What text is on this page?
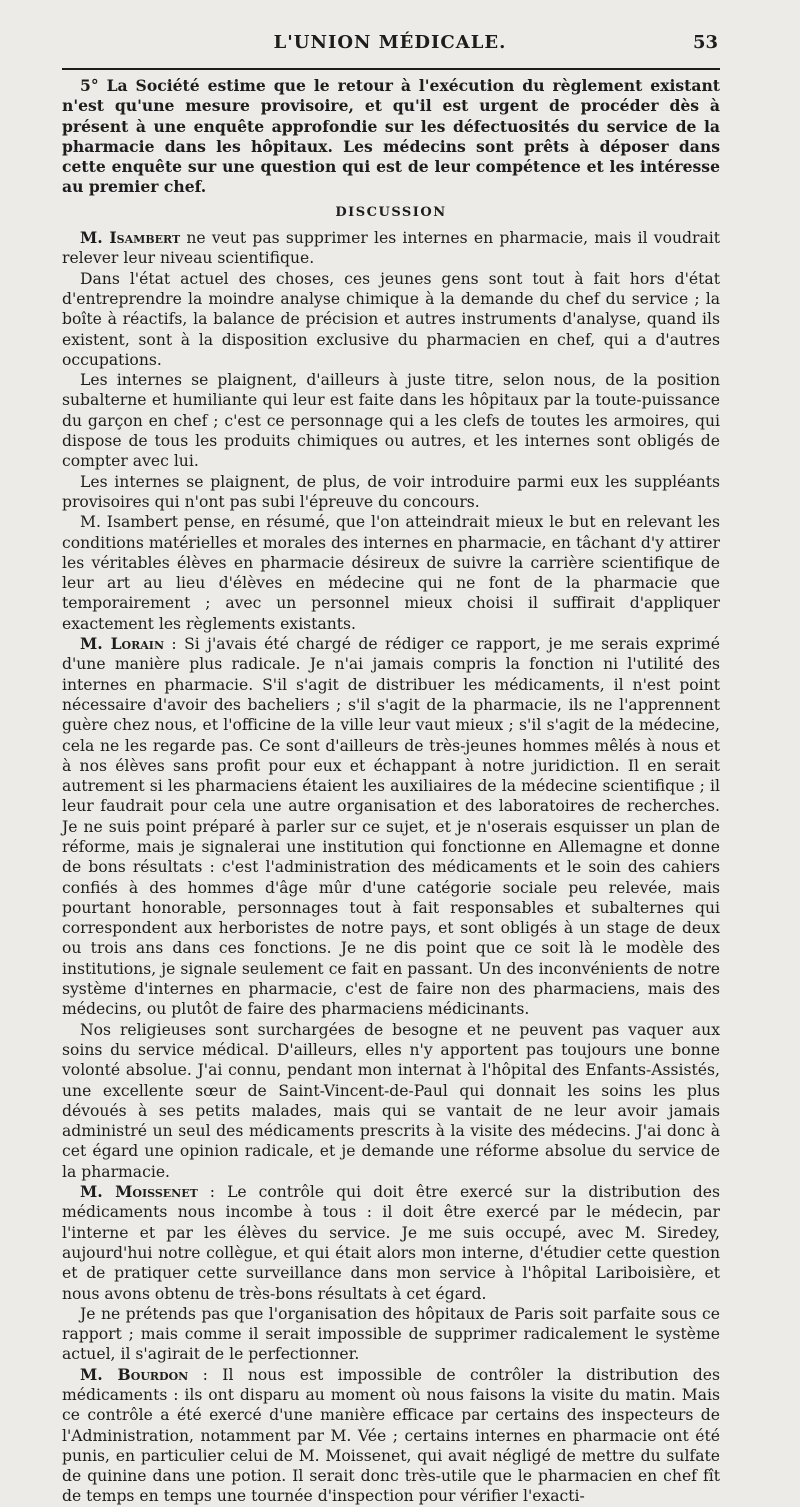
L'UNION MÉDICALE.	53

5° La Société estime que le retour à l'exécution du règlement existant n'est qu'une mesure provisoire, et qu'il est urgent de procéder dès à présent à une enquête approfondie sur les défectuosités du service de la pharmacie dans les hôpitaux. Les médecins sont prêts à déposer dans cette enquête sur une question qui est de leur compétence et les intéresse au premier chef.

DISCUSSION

M. Isambert ne veut pas supprimer les internes en pharmacie, mais il voudrait relever leur niveau scientifique.

Dans l'état actuel des choses, ces jeunes gens sont tout à fait hors d'état d'entreprendre la moindre analyse chimique à la demande du chef du service ; la boîte à réactifs, la balance de précision et autres instruments d'analyse, quand ils existent, sont à la disposition exclusive du pharmacien en chef, qui a d'autres occupations.

Les internes se plaignent, d'ailleurs à juste titre, selon nous, de la position subalterne et humiliante qui leur est faite dans les hôpitaux par la toute-puissance du garçon en chef ; c'est ce personnage qui a les clefs de toutes les armoires, qui dispose de tous les produits chimiques ou autres, et les internes sont obligés de compter avec lui.

Les internes se plaignent, de plus, de voir introduire parmi eux les suppléants provisoires qui n'ont pas subi l'épreuve du concours.

M. Isambert pense, en résumé, que l'on atteindrait mieux le but en relevant les conditions matérielles et morales des internes en pharmacie, en tâchant d'y attirer les véritables élèves en pharmacie désireux de suivre la carrière scientifique de leur art au lieu d'élèves en médecine qui ne font de la pharmacie que temporairement ; avec un personnel mieux choisi il suffirait d'appliquer exactement les règlements existants.

M. Lorain : Si j'avais été chargé de rédiger ce rapport, je me serais exprimé d'une manière plus radicale. Je n'ai jamais compris la fonction ni l'utilité des internes en pharmacie. S'il s'agit de distribuer les médicaments, il n'est point nécessaire d'avoir des bacheliers ; s'il s'agit de la pharmacie, ils ne l'apprennent guère chez nous, et l'officine de la ville leur vaut mieux ; s'il s'agit de la médecine, cela ne les regarde pas. Ce sont d'ailleurs de très-jeunes hommes mêlés à nous et à nos élèves sans profit pour eux et échappant à notre juridiction. Il en serait autrement si les pharmaciens étaient les auxiliaires de la médecine scientifique ; il leur faudrait pour cela une autre organisation et des laboratoires de recherches. Je ne suis point préparé à parler sur ce sujet, et je n'oserais esquisser un plan de réforme, mais je signalerai une institution qui fonctionne en Allemagne et donne de bons résultats : c'est l'administration des médicaments et le soin des cahiers confiés à des hommes d'âge mûr d'une catégorie sociale peu relevée, mais pourtant honorable, personnages tout à fait responsables et subalternes qui correspondent aux herboristes de notre pays, et sont obligés à un stage de deux ou trois ans dans ces fonctions. Je ne dis point que ce soit là le modèle des institutions, je signale seulement ce fait en passant. Un des inconvénients de notre système d'internes en pharmacie, c'est de faire non des pharmaciens, mais des médecins, ou plutôt de faire des pharmaciens médicinants.

Nos religieuses sont surchargées de besogne et ne peuvent pas vaquer aux soins du service médical. D'ailleurs, elles n'y apportent pas toujours une bonne volonté absolue. J'ai connu, pendant mon internat à l'hôpital des Enfants-Assistés, une excellente sœur de Saint-Vincent-de-Paul qui donnait les soins les plus dévoués à ses petits malades, mais qui se vantait de ne leur avoir jamais administré un seul des médicaments prescrits à la visite des médecins. J'ai donc à cet égard une opinion radicale, et je demande une réforme absolue du service de la pharmacie.

M. Moissenet : Le contrôle qui doit être exercé sur la distribution des médicaments nous incombe à tous : il doit être exercé par le médecin, par l'interne et par les élèves du service. Je me suis occupé, avec M. Siredey, aujourd'hui notre collègue, et qui était alors mon interne, d'étudier cette question et de pratiquer cette surveillance dans mon service à l'hôpital Lariboisière, et nous avons obtenu de très-bons résultats à cet égard.

Je ne prétends pas que l'organisation des hôpitaux de Paris soit parfaite sous ce rapport ; mais comme il serait impossible de supprimer radicalement le système actuel, il s'agirait de le perfectionner.

M. Bourdon : Il nous est impossible de contrôler la distribution des médicaments : ils ont disparu au moment où nous faisons la visite du matin. Mais ce contrôle a été exercé d'une manière efficace par certains des inspecteurs de l'Administration, notamment par M. Vée ; certains internes en pharmacie ont été punis, en particulier celui de M. Moissenet, qui avait négligé de mettre du sulfate de quinine dans une potion. Il serait donc très-utile que le pharmacien en chef fît de temps en temps une tournée d'inspection pour vérifier l'exacti-
